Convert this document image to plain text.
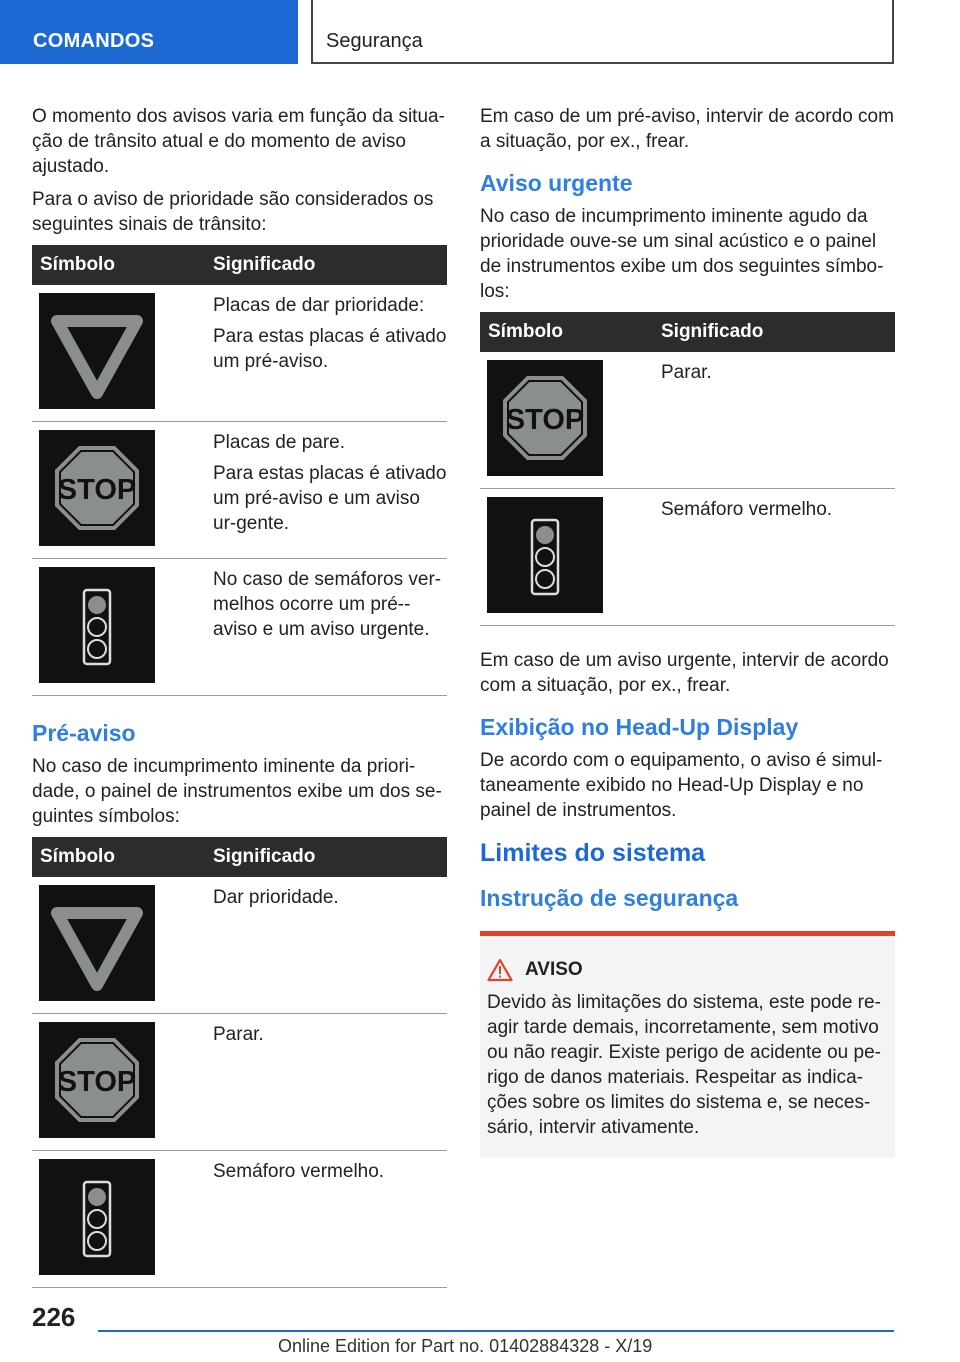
COMANDOS	Segurança

O momento dos avisos varia em função da situa-ção de trânsito atual e do momento de aviso ajustado.

Para o aviso de prioridade são considerados os seguintes sinais de trânsito:

Símbolo	Significado

Placas de dar prioridade:

Para estas placas é ativado um pré-aviso.

STOP	Placas de pare.

Para estas placas é ativado um pré-aviso e um aviso ur-gente.

No caso de semáforos ver-melhos ocorre um pré--aviso e um aviso urgente.

Pré-aviso

No caso de incumprimento iminente da priori-dade, o painel de instrumentos exibe um dos se-guintes símbolos:

Símbolo	Significado

Dar prioridade.

STOP	Parar.

Semáforo vermelho.

Em caso de um pré-aviso, intervir de acordo com a situação, por ex., frear.

Aviso urgente

No caso de incumprimento iminente agudo da prioridade ouve-se um sinal acústico e o painel de instrumentos exibe um dos seguintes símbo-los:

Símbolo	Significado

STOP	Parar.

Semáforo vermelho.

Em caso de um aviso urgente, intervir de acordo com a situação, por ex., frear.

Exibição no Head-Up Display

De acordo com o equipamento, o aviso é simul-taneamente exibido no Head-Up Display e no painel de instrumentos.

Limites do sistema
Instrução de segurança
AVISO

Devido às limitações do sistema, este pode re-agir tarde demais, incorretamente, sem motivo ou não reagir. Existe perigo de acidente ou pe-rigo de danos materiais. Respeitar as indica-ções sobre os limites do sistema e, se neces-sário, intervir ativamente.

226
Online Edition for Part no. 01402884328 - X/19
